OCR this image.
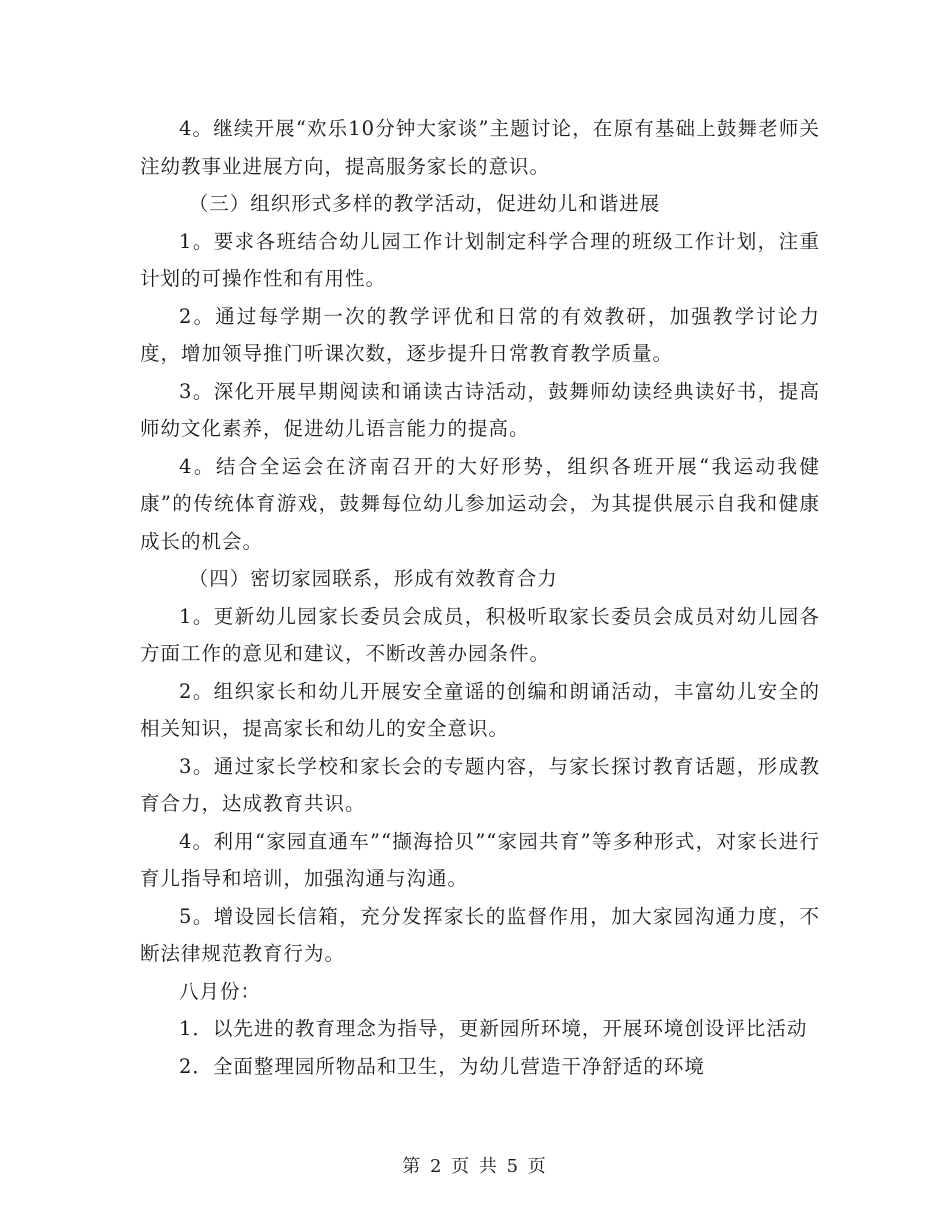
4。继续开展“欢乐10分钟大家谈”主题讨论，在原有基础上鼓舞老师关注幼教事业进展方向，提高服务家长的意识。

（三）组织形式多样的教学活动，促进幼儿和谐进展

1。要求各班结合幼儿园工作计划制定科学合理的班级工作计划，注重计划的可操作性和有用性。

2。通过每学期一次的教学评优和日常的有效教研，加强教学讨论力度，增加领导推门听课次数，逐步提升日常教育教学质量。

3。深化开展早期阅读和诵读古诗活动，鼓舞师幼读经典读好书，提高师幼文化素养，促进幼儿语言能力的提高。

4。结合全运会在济南召开的大好形势，组织各班开展“我运动我健康”的传统体育游戏，鼓舞每位幼儿参加运动会，为其提供展示自我和健康成长的机会。

（四）密切家园联系，形成有效教育合力

1。更新幼儿园家长委员会成员，积极听取家长委员会成员对幼儿园各方面工作的意见和建议，不断改善办园条件。

2。组织家长和幼儿开展安全童谣的创编和朗诵活动，丰富幼儿安全的相关知识，提高家长和幼儿的安全意识。

3。通过家长学校和家长会的专题内容，与家长探讨教育话题，形成教育合力，达成教育共识。

4。利用“家园直通车”“撷海拾贝”“家园共育”等多种形式，对家长进行育儿指导和培训，加强沟通与沟通。

5。增设园长信箱，充分发挥家长的监督作用，加大家园沟通力度，不断法律规范教育行为。

八月份：

1．以先进的教育理念为指导，更新园所环境，开展环境创设评比活动

2．全面整理园所物品和卫生，为幼儿营造干净舒适的环境

第 2 页 共 5 页
